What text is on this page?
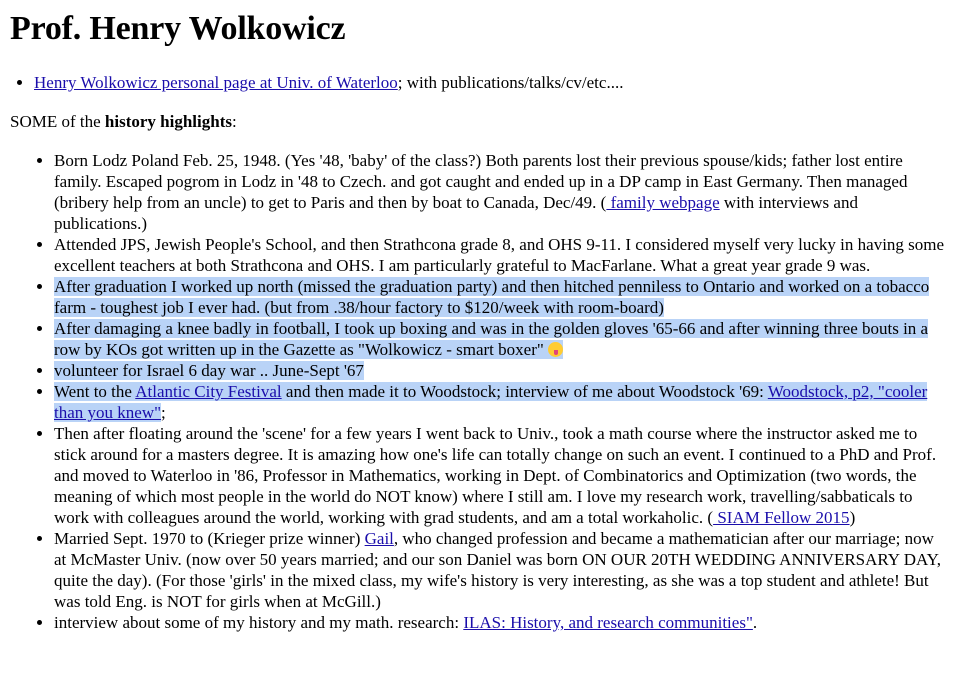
Prof. Henry Wolkowicz
• Henry Wolkowicz personal page at Univ. of Waterloo; with publications/talks/cv/etc....
SOME of the history highlights:
• Born Lodz Poland Feb. 25, 1948. (Yes '48, 'baby' of the class?) Both parents lost their previous spouse/kids; father lost entire family. Escaped pogrom in Lodz in '48 to Czech. and got caught and ended up in a DP camp in East Germany. Then managed (bribery help from an uncle) to get to Paris and then by boat to Canada, Dec/49. ( family webpage with interviews and publications.)
• Attended JPS, Jewish People's School, and then Strathcona grade 8, and OHS 9-11. I considered myself very lucky in having some excellent teachers at both Strathcona and OHS. I am particularly grateful to MacFarlane. What a great year grade 9 was.
• After graduation I worked up north (missed the graduation party) and then hitched penniless to Ontario and worked on a tobacco farm - toughest job I ever had. (but from .38/hour factory to $120/week with room-board)
• After damaging a knee badly in football, I took up boxing and was in the golden gloves '65-66 and after winning three bouts in a row by KOs got written up in the Gazette as "Wolkowicz - smart boxer"
• volunteer for Israel 6 day war .. June-Sept '67
• Went to the Atlantic City Festival and then made it to Woodstock; interview of me about Woodstock '69: Woodstock, p2, "cooler than you knew";
• Then after floating around the 'scene' for a few years I went back to Univ., took a math course where the instructor asked me to stick around for a masters degree. It is amazing how one's life can totally change on such an event. I continued to a PhD and Prof. and moved to Waterloo in '86, Professor in Mathematics, working in Dept. of Combinatorics and Optimization (two words, the meaning of which most people in the world do NOT know) where I still am. I love my research work, travelling/sabbaticals to work with colleagues around the world, working with grad students, and am a total workaholic. ( SIAM Fellow 2015)
• Married Sept. 1970 to (Krieger prize winner) Gail, who changed profession and became a mathematician after our marriage; now at McMaster Univ. (now over 50 years married; and our son Daniel was born ON OUR 20TH WEDDING ANNIVERSARY DAY, quite the day). (For those 'girls' in the mixed class, my wife's history is very interesting, as she was a top student and athlete! But was told Eng. is NOT for girls when at McGill.)
• interview about some of my history and my math. research: ILAS: History, and research communities".
